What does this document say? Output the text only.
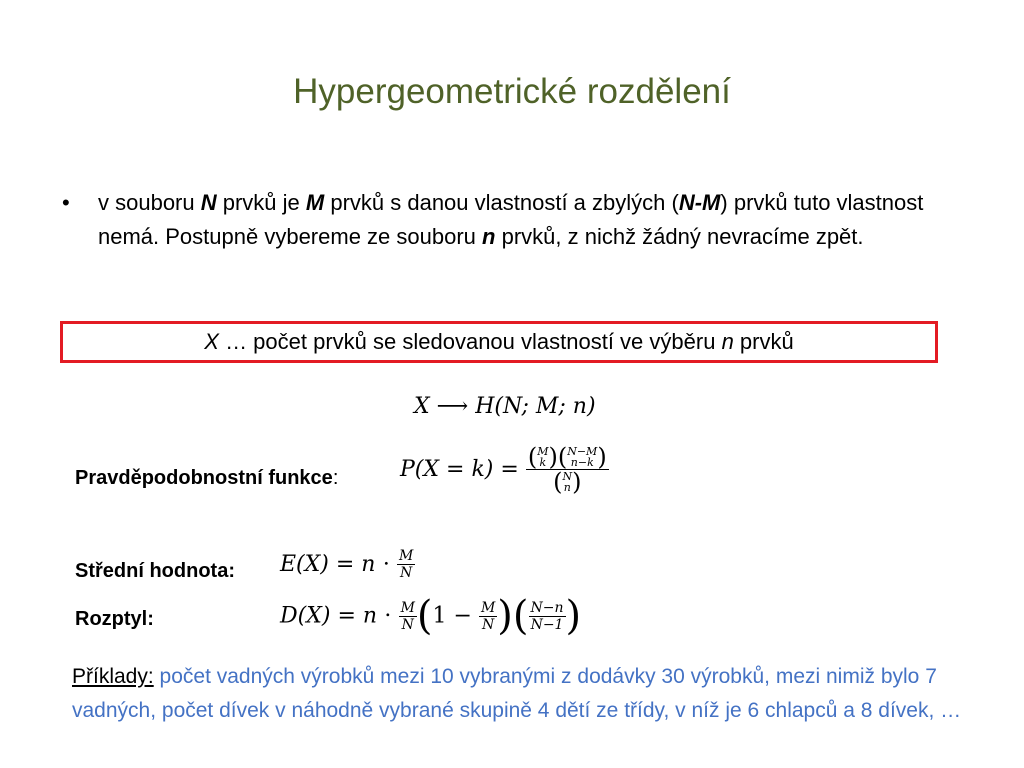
Hypergeometrické rozdělení
• v souboru N prvků je M prvků s danou vlastností a zbylých (N-M) prvků tuto vlastnost nemá. Postupně vybereme ze souboru n prvků, z nichž žádný nevracíme zpět.
X … počet prvků se sledovanou vlastností ve výběru n prvků
X ⟶ H(N; M; n)
Pravděpodobnostní funkce:	P(X = k) = ( M
k ) ( N−M
n−k )
( N
n )
Střední hodnota: $E(X) = n \cdot \frac{M}{N}$
Rozptyl:	$D(X) = n \cdot \frac{M}{N} (1 - \frac{M}{N}$ )( $\frac{N-n}{N-1}$ )
Příklady: počet vadných výrobků mezi 10 vybranými z dodávky 30 výrobků, mezi nimiž bylo 7 vadných, počet dívek v náhodně vybrané skupině 4 dětí ze třídy, v níž je 6 chlapců a 8 dívek, …
